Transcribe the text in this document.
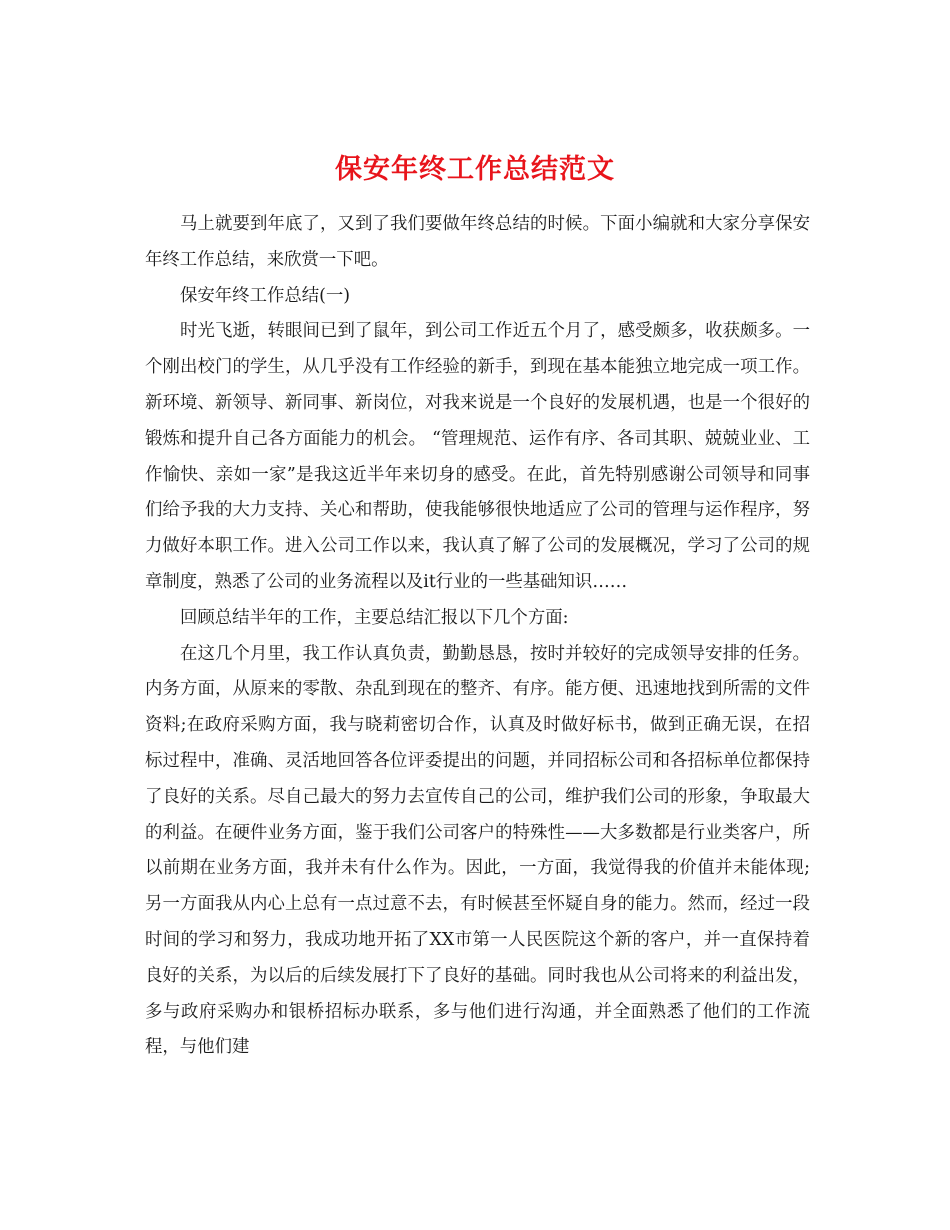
保安年终工作总结范文

马上就要到年底了，又到了我们要做年终总结的时候。下面小编就和大家分享保安年终工作总结，来欣赏一下吧。

保安年终工作总结(一)

时光飞逝，转眼间已到了鼠年，到公司工作近五个月了，感受颇多，收获颇多。一个刚出校门的学生，从几乎没有工作经验的新手，到现在基本能独立地完成一项工作。新环境、新领导、新同事、新岗位，对我来说是一个良好的发展机遇，也是一个很好的锻炼和提升自己各方面能力的机会。 “管理规范、运作有序、各司其职、兢兢业业、工作愉快、亲如一家”是我这近半年来切身的感受。在此，首先特别感谢公司领导和同事们给予我的大力支持、关心和帮助，使我能够很快地适应了公司的管理与运作程序，努力做好本职工作。进入公司工作以来，我认真了解了公司的发展概况，学习了公司的规章制度，熟悉了公司的业务流程以及it行业的一些基础知识……

回顾总结半年的工作，主要总结汇报以下几个方面:

在这几个月里，我工作认真负责，勤勤恳恳，按时并较好的完成领导安排的任务。内务方面，从原来的零散、杂乱到现在的整齐、有序。能方便、迅速地找到所需的文件资料;在政府采购方面，我与晓莉密切合作，认真及时做好标书，做到正确无误，在招标过程中，准确、灵活地回答各位评委提出的问题，并同招标公司和各招标单位都保持了良好的关系。尽自己最大的努力去宣传自己的公司，维护我们公司的形象，争取最大的利益。在硬件业务方面，鉴于我们公司客户的特殊性——大多数都是行业类客户，所以前期在业务方面，我并未有什么作为。因此，一方面，我觉得我的价值并未能体现;另一方面我从内心上总有一点过意不去，有时候甚至怀疑自身的能力。然而，经过一段时间的学习和努力，我成功地开拓了XX市第一人民医院这个新的客户，并一直保持着良好的关系，为以后的后续发展打下了良好的基础。同时我也从公司将来的利益出发，多与政府采购办和银桥招标办联系，多与他们进行沟通，并全面熟悉了他们的工作流程，与他们建
